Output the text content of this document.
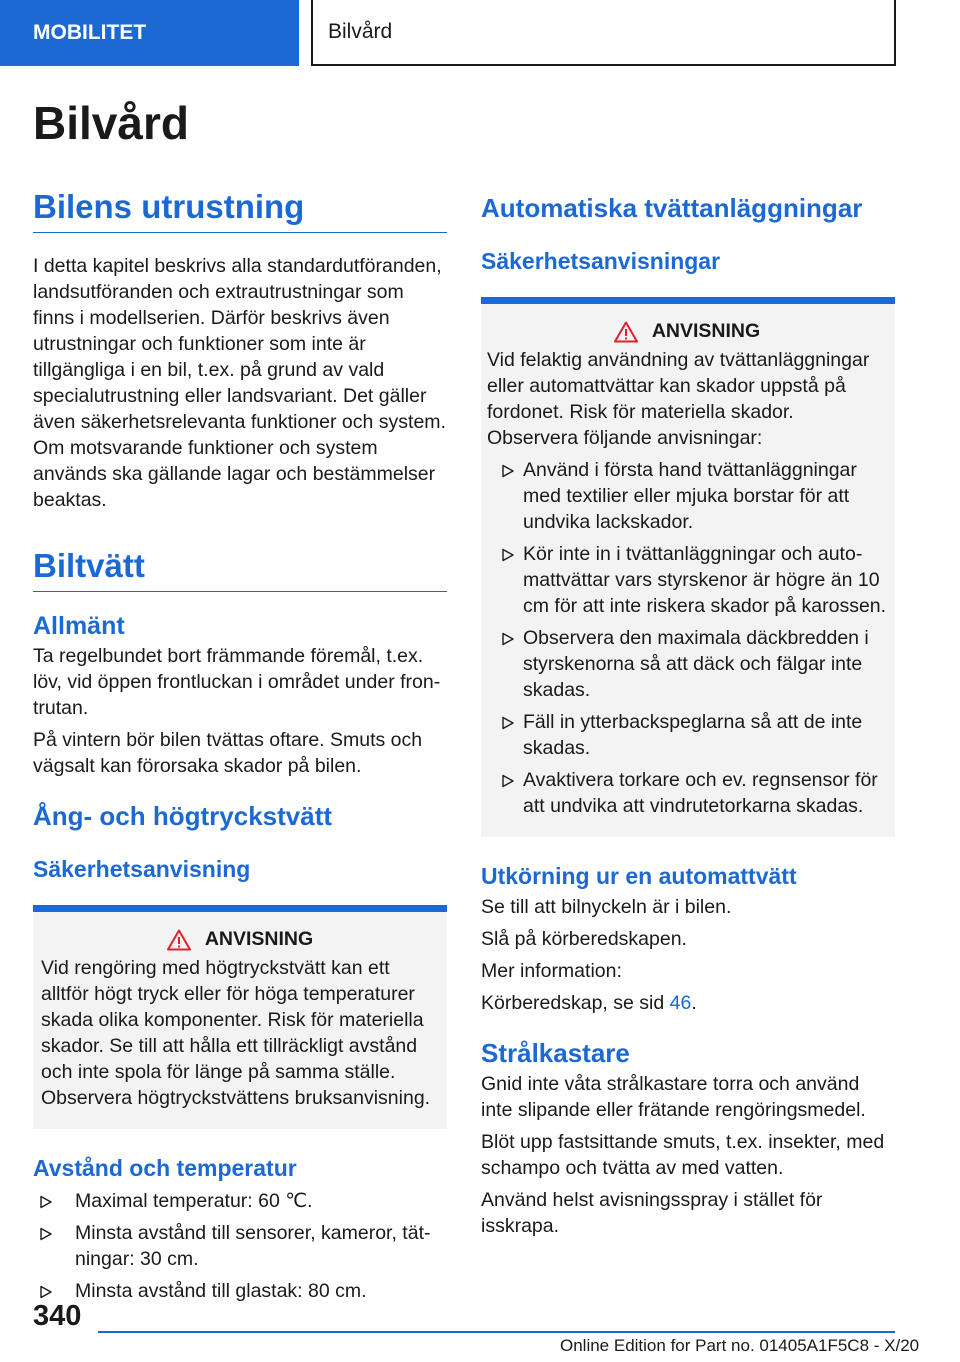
MOBILITET	Bilvård
Bilvård
Bilens utrustning

I detta kapitel beskrivs alla standardutföranden, landsutföranden och extrautrustningar som finns i modellserien. Därför beskrivs även utrustningar och funktioner som inte är tillgängliga i en bil, t.ex. på grund av vald specialutrustning eller landsvariant. Det gäller även säkerhetsrelevanta funktioner och system. Om motsvarande funktioner och system används ska gällande lagar och bestämmelser beaktas.

Biltvätt
Allmänt

Ta regelbundet bort främmande föremål, t.ex. löv, vid öppen frontluckan i området under frontrutan.

På vintern bör bilen tvättas oftare. Smuts och vägsalt kan förorsaka skador på bilen.

Ång- och högtryckstvätt
Säkerhetsanvisning
ANVISNING

Vid rengöring med högtryckstvätt kan ett alltför högt tryck eller för höga temperaturer skada olika komponenter. Risk för materiella skador. Se till att hålla ett tillräckligt avstånd och inte spola för länge på samma ställe. Observera högtryckstvättens bruksanvisning.

Avstånd och temperatur
Maximal temperatur: 60 ℃.
Minsta avstånd till sensorer, kameror, tätningar: 30 cm.
Minsta avstånd till glastak: 80 cm.
Automatiska tvättanläggningar
Säkerhetsanvisningar
ANVISNING

Vid felaktig användning av tvättanläggningar eller automattvättar kan skador uppstå på fordonet. Risk för materiella skador. Observera följande anvisningar:

Använd i första hand tvättanläggningar med textilier eller mjuka borstar för att undvika lackskador.
Kör inte in i tvättanläggningar och automattvättar vars styrskenor är högre än 10 cm för att inte riskera skador på karossen.
Observera den maximala däckbredden i styrskenorna så att däck och fälgar inte skadas.
Fäll in ytterbackspeglarna så att de inte skadas.
Avaktivera torkare och ev. regnsensor för att undvika att vindrutetorkarna skadas.
Utkörning ur en automattvätt

Se till att bilnyckeln är i bilen.

Slå på körberedskapen.

Mer information:

Körberedskap, se sid 46.

Strålkastare

Gnid inte våta strålkastare torra och använd inte slipande eller frätande rengöringsmedel.

Blöt upp fastsittande smuts, t.ex. insekter, med schampo och tvätta av med vatten.

Använd helst avisningsspray i stället för isskrapa.

340
Online Edition for Part no. 01405A1F5C8 - X/20
